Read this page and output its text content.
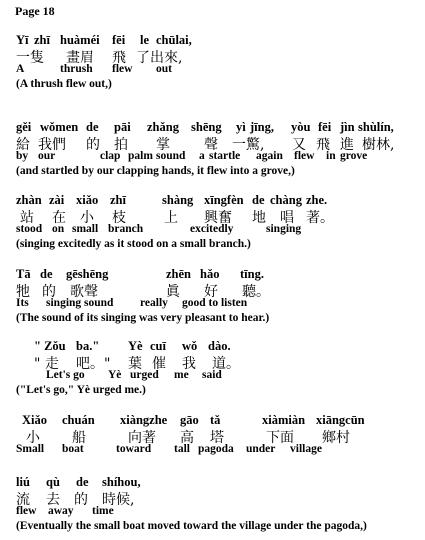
Page 18
Yī zhī huàméi fēi le chūlai,
一隻 畫眉 飛 了出來,
A	thrush flew out
(A thrush flew out,)
gěi wǒmen de pāi zhǎng shēng yì jīng, yòu fēi jìn shùlín,
給 我們 的 拍 掌 聲 一驚, 又 飛 進 樹林,
by our	clap palm sound a startle again flew in grove
(and startled by our clapping hands, it flew into a grove,)
zhàn zài xiǎo zhī	shàng xīngfèn de chàng zhe.
站 在 小 枝	上 興奮 地 唱 著。
stood on small branch	excitedly	singing
(singing excitedly as it stood on a small branch.)
Tā de gēshēng	zhēn hǎo tīng.
牠 的 歌聲	眞 好 聽。
Its singing sound really good to listen
(The sound of its singing was very pleasant to hear.)
" Zǒu ba." Yè cuī wǒ dào.
" 走 吧。" 葉 催 我 道。
Let's go Yè urged me said
("Let's go," Yè urged me.)
Xiǎo chuán xiàngzhe gāo tǎ	xiàmiàn xiāngcūn
小 船	向著 高 塔	下面 鄉村
Small boat	toward tall pagoda under village
liú qù de shíhou,
流 去 的 時候,
flew away time
(Eventually the small boat moved toward the village under the pagoda,)
